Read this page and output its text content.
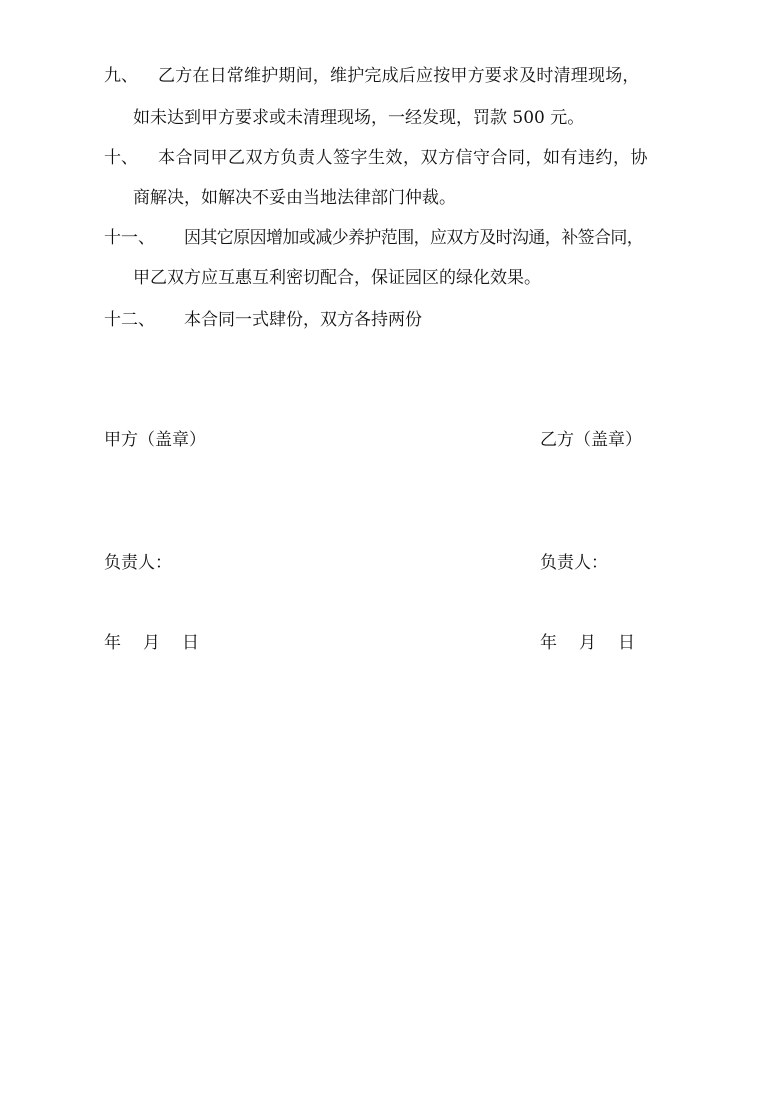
九、 乙方在日常维护期间，维护完成后应按甲方要求及时清理现场，
如未达到甲方要求或未清理现场，一经发现，罚款 500 元。
十、 本合同甲乙双方负责人签字生效，双方信守合同，如有违约，协
商解决，如解决不妥由当地法律部门仲裁。
十一、 因其它原因增加或减少养护范围，应双方及时沟通，补签合同，
甲乙双方应互惠互利密切配合，保证园区的绿化效果。
十二、 本合同一式肆份，双方各持两份
甲方（盖章）	乙方（盖章）
负责人：	负责人：
年 月 日	年 月 日
